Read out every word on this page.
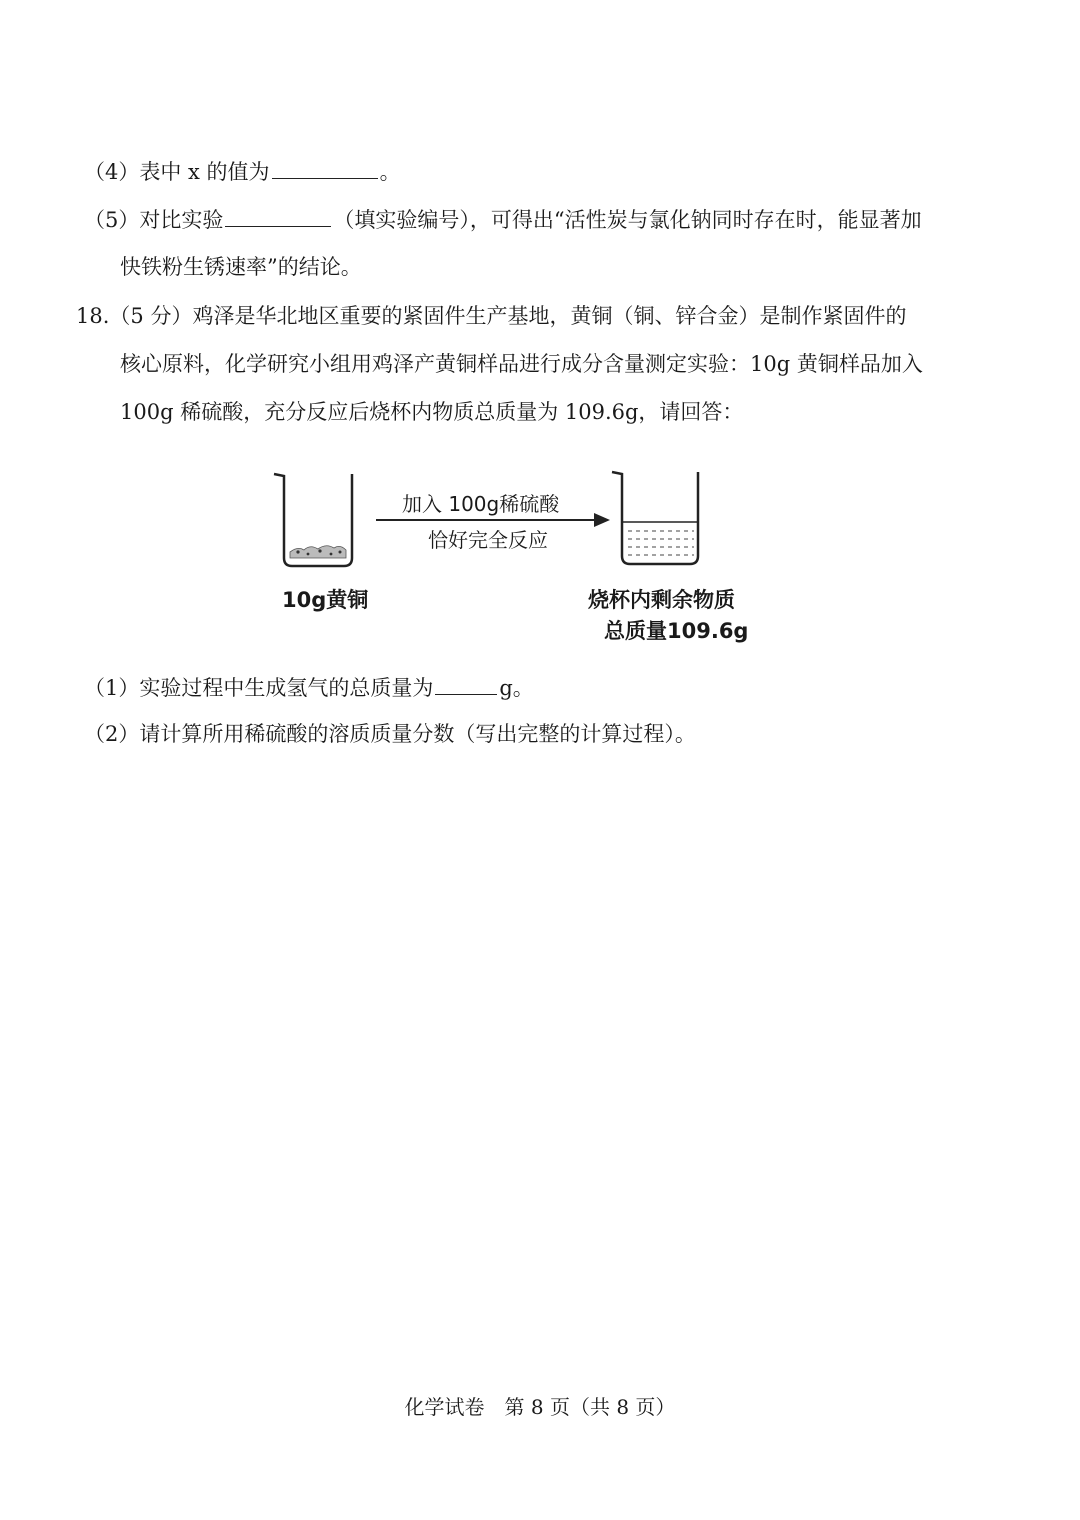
（4）表中 x 的值为	。
（5）对比实验	（填实验编号），可得出“活性炭与氯化钠同时存在时，能显著加
快铁粉生锈速率”的结论。
18.（5 分）鸡泽是华北地区重要的紧固件生产基地，黄铜（铜、锌合金）是制作紧固件的
核心原料，化学研究小组用鸡泽产黄铜样品进行成分含量测定实验：10g 黄铜样品加入
100g 稀硫酸，充分反应后烧杯内物质总质量为 109.6g，请回答：
加入 100g稀硫酸
恰好完全反应
10g黄铜	烧杯内剩余物质
总质量109.6g
（1）实验过程中生成氢气的总质量为	g。
（2）请计算所用稀硫酸的溶质质量分数（写出完整的计算过程）。
化学试卷　第 8 页（共 8 页）
